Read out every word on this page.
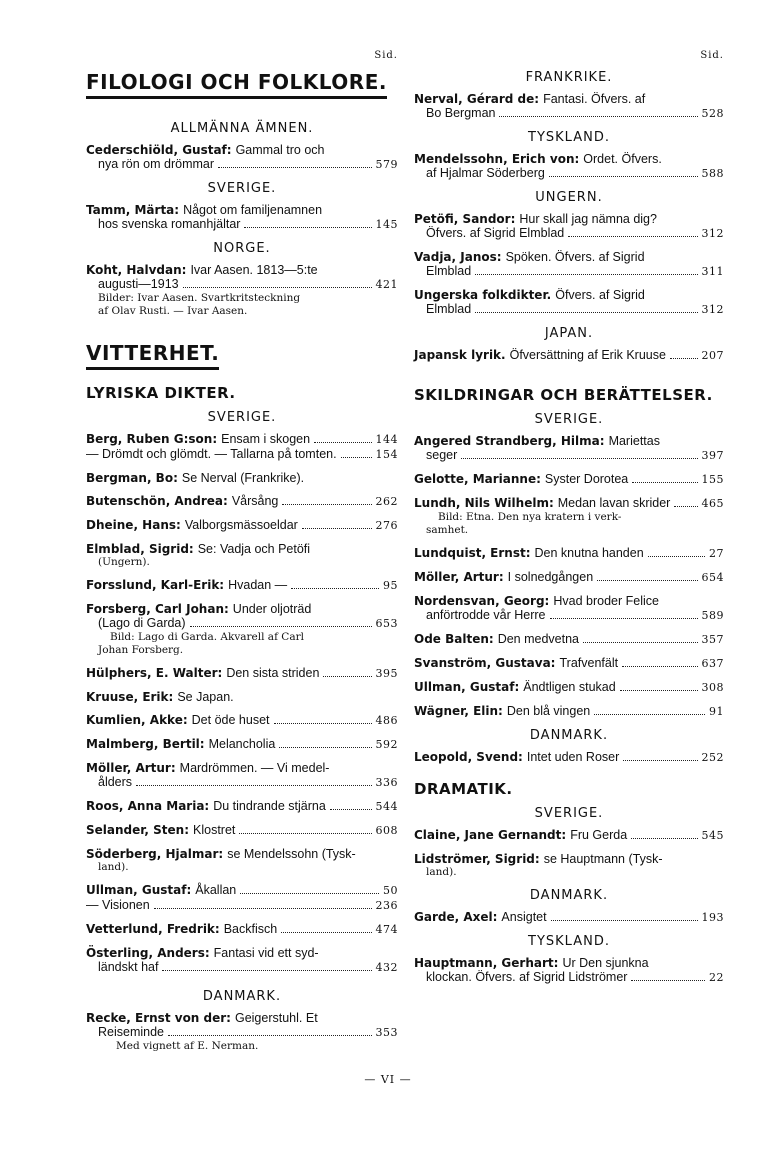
Sid.
FILOLOGI OCH FOLKLORE.
ALLMÄNNA ÄMNEN.
Cederschiöld, Gustaf: Gammal tro och
nya rön om drömmar	579
SVERIGE.
Tamm, Märta: Något om familjenamnen
hos svenska romanhjältar	145
NORGE.
Koht, Halvdan: Ivar Aasen. 1813—5:te
augusti—1913	421
Bilder: Ivar Aasen. Svartkritsteckning
af Olav Rusti. — Ivar Aasen.
VITTERHET.
LYRISKA DIKTER.
SVERIGE.
Berg, Ruben G:son: Ensam i skogen	144
— Drömdt och glömdt. — Tallarna på tomten.	154
Bergman, Bo: Se Nerval (Frankrike).
Butenschön, Andrea: Vårsång	262
Dheine, Hans: Valborgsmässoeldar	276
Elmblad, Sigrid: Se: Vadja och Petöfi
(Ungern).
Forsslund, Karl-Erik: Hvadan —	95
Forsberg, Carl Johan: Under oljoträd
(Lago di Garda)	653
Bild: Lago di Garda. Akvarell af Carl
Johan Forsberg.
Hülphers, E. Walter: Den sista striden	395
Kruuse, Erik: Se Japan.
Kumlien, Akke: Det öde huset	486
Malmberg, Bertil: Melancholia	592
Möller, Artur: Mardrömmen. — Vi medel-
ålders	336
Roos, Anna Maria: Du tindrande stjärna	544
Selander, Sten: Klostret	608
Söderberg, Hjalmar: se Mendelssohn (Tysk-
land).
Ullman, Gustaf: Åkallan	50
— Visionen	236
Vetterlund, Fredrik: Backfisch	474
Österling, Anders: Fantasi vid ett syd-
ländskt haf	432
DANMARK.
Recke, Ernst von der: Geigerstuhl. Et
Reiseminde	353
Med vignett af E. Nerman.
Sid.
FRANKRIKE.
Nerval, Gérard de: Fantasi. Öfvers. af
Bo Bergman	528
TYSKLAND.
Mendelssohn, Erich von: Ordet. Öfvers.
af Hjalmar Söderberg	588
UNGERN.
Petöfi, Sandor: Hur skall jag nämna dig?
Öfvers. af Sigrid Elmblad	312
Vadja, Janos: Spöken. Öfvers. af Sigrid
Elmblad	311
Ungerska folkdikter. Öfvers. af Sigrid
Elmblad	312
JAPAN.
Japansk lyrik. Öfversättning af Erik Kruuse	207
SKILDRINGAR OCH BERÄTTELSER.
SVERIGE.
Angered Strandberg, Hilma: Mariettas
seger	397
Gelotte, Marianne: Syster Dorotea	155
Lundh, Nils Wilhelm: Medan lavan skrider	465
Bild: Etna. Den nya kratern i verk-
samhet.
Lundquist, Ernst: Den knutna handen	27
Möller, Artur: I solnedgången	654
Nordensvan, Georg: Hvad broder Felice
anförtrodde vår Herre	589
Ode Balten: Den medvetna	357
Svanström, Gustava: Trafvenfält	637
Ullman, Gustaf: Ändtligen stukad	308
Wägner, Elin: Den blå vingen	91
DANMARK.
Leopold, Svend: Intet uden Roser	252
DRAMATIK.
SVERIGE.
Claine, Jane Gernandt: Fru Gerda	545
Lidströmer, Sigrid: se Hauptmann (Tysk-
land).
DANMARK.
Garde, Axel: Ansigtet	193
TYSKLAND.
Hauptmann, Gerhart: Ur Den sjunkna
klockan. Öfvers. af Sigrid Lidströmer	22
— VI —
